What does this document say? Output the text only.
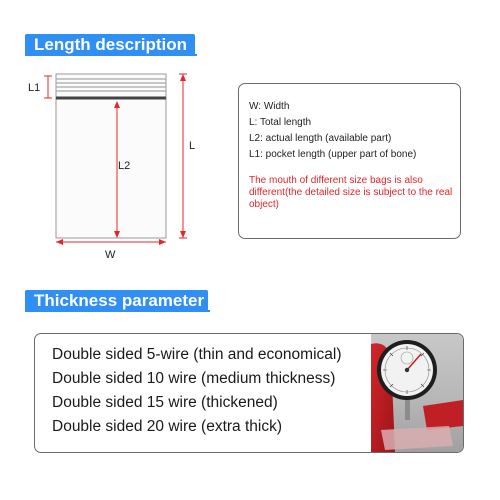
Length description
L1
L2
L
W
W: Width
L: Total length
L2: actual length (available part)
L1: pocket length (upper part of bone)
The mouth of different size bags is also different(the detailed size is subject to the real object)
Thickness parameter
Double sided 5-wire (thin and economical)
Double sided 10 wire (medium thickness)
Double sided 15 wire (thickened)
Double sided 20 wire (extra thick)
